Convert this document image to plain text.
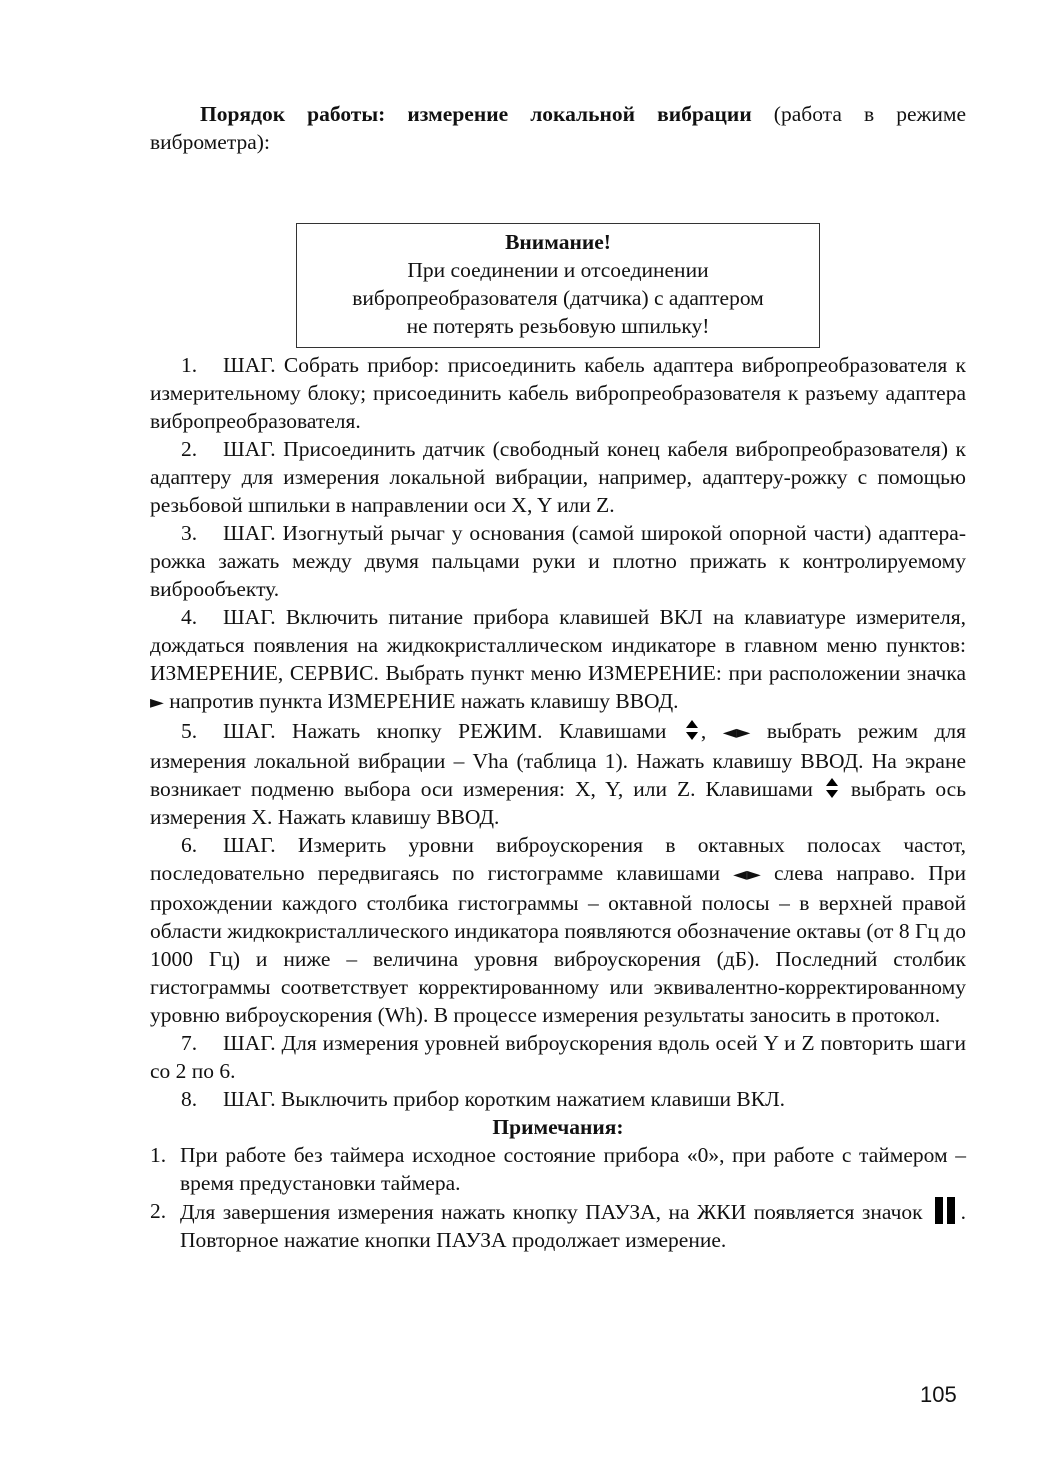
Порядок работы: измерение локальной вибрации (работа в режиме виброметра):

Внимание!
При соединении и отсоединении
вибропреобразователя (датчика) с адаптером
не потерять резьбовую шпильку!

1. ШАГ. Собрать прибор: присоединить кабель адаптера вибропреобразователя к измерительному блоку; присоединить кабель вибропреобразователя к разъему адаптера вибропреобразователя.

2. ШАГ. Присоединить датчик (свободный конец кабеля вибропреобразователя) к адаптеру для измерения локальной вибрации, например, адаптеру-рожку с помощью резьбовой шпильки в направлении оси X, Y или Z.

3. ШАГ. Изогнутый рычаг у основания (самой широкой опорной части) адаптера-рожка зажать между двумя пальцами руки и плотно прижать к контролируемому виброобъекту.

4. ШАГ. Включить питание прибора клавишей ВКЛ на клавиатуре измерителя, дождаться появления на жидкокристаллическом индикаторе в главном меню пунктов: ИЗМЕРЕНИЕ, СЕРВИС. Выбрать пункт меню ИЗМЕРЕНИЕ: при расположении значка ► напротив пункта ИЗМЕРЕНИЕ нажать клавишу ВВОД.

5. ШАГ. Нажать кнопку РЕЖИМ. Клавишами , ◄► выбрать режим для измерения локальной вибрации – Vha (таблица 1). Нажать клавишу ВВОД. На экране возникает подменю выбора оси измерения: X, Y, или Z. Клавишами  выбрать ось измерения X. Нажать клавишу ВВОД.

6. ШАГ. Измерить уровни виброускорения в октавных полосах частот, последовательно передвигаясь по гистограмме клавишами ◄► слева направо. При прохождении каждого столбика гистограммы – октавной полосы – в верхней правой области жидкокристаллического индикатора появляются обозначение октавы (от 8 Гц до 1000 Гц) и ниже – величина уровня виброускорения (дБ). Последний столбик гистограммы соответствует корректированному или эквивалентно-корректированному уровню виброускорения (Wh). В процессе измерения результаты заносить в протокол.

7. ШАГ. Для измерения уровней виброускорения вдоль осей Y и Z повторить шаги со 2 по 6.

8. ШАГ. Выключить прибор коротким нажатием клавиши ВКЛ.

Примечания:
1. При работе без таймера исходное состояние прибора «0», при работе с таймером – время предустановки таймера.
2. Для завершения измерения нажать кнопку ПАУЗА, на ЖКИ появляется значок . Повторное нажатие кнопки ПАУЗА продолжает измерение.
105
